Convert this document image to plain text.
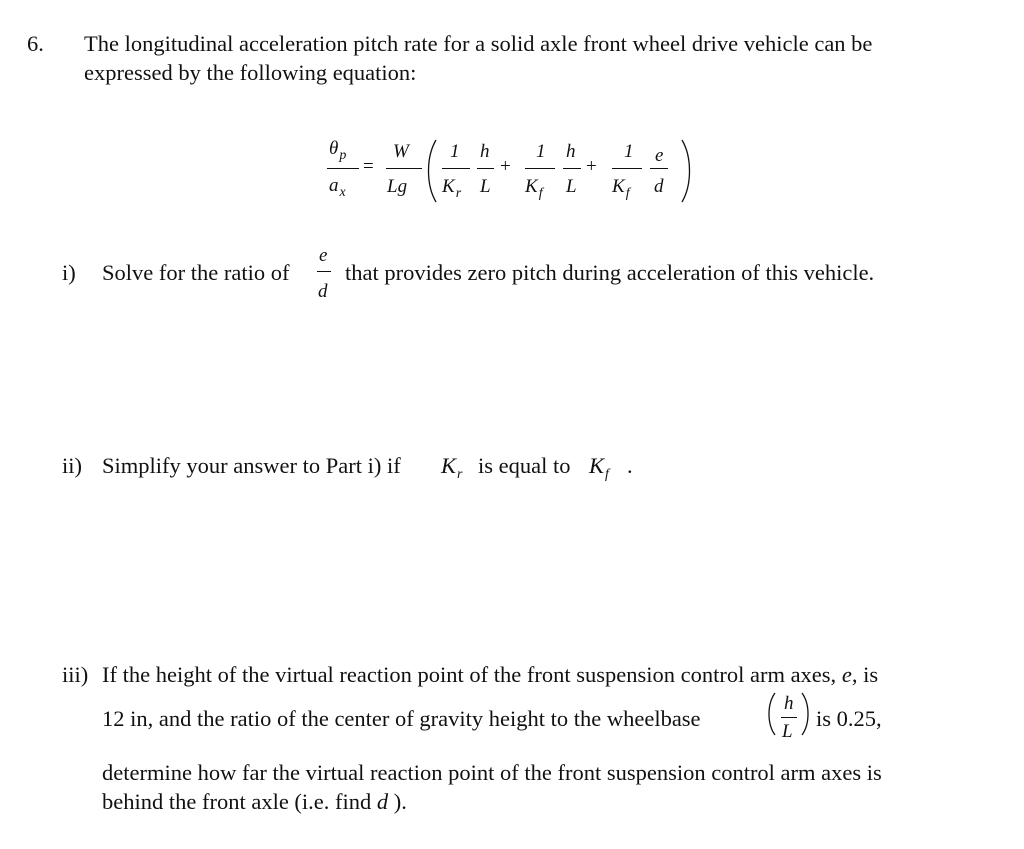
6. The longitudinal acceleration pitch rate for a solid axle front wheel drive vehicle can be
expressed by the following equation:
$\theta_p$
$a_x$
=
W
Lg
1
$K_r$
h
L
+
1
$K_f$
h
L
+
1
$K_f$
e
d
i) Solve for the ratio of
e
d
that provides zero pitch during acceleration of this vehicle.
ii) Simplify your answer to Part i) if $K_r$ is equal to $K_f$ .
iii) If the height of the virtual reaction point of the front suspension control arm axes, e, is
12 in, and the ratio of the center of gravity height to the wheelbase
h
L
is 0.25,
determine how far the virtual reaction point of the front suspension control arm axes is
behind the front axle (i.e. find d ).
